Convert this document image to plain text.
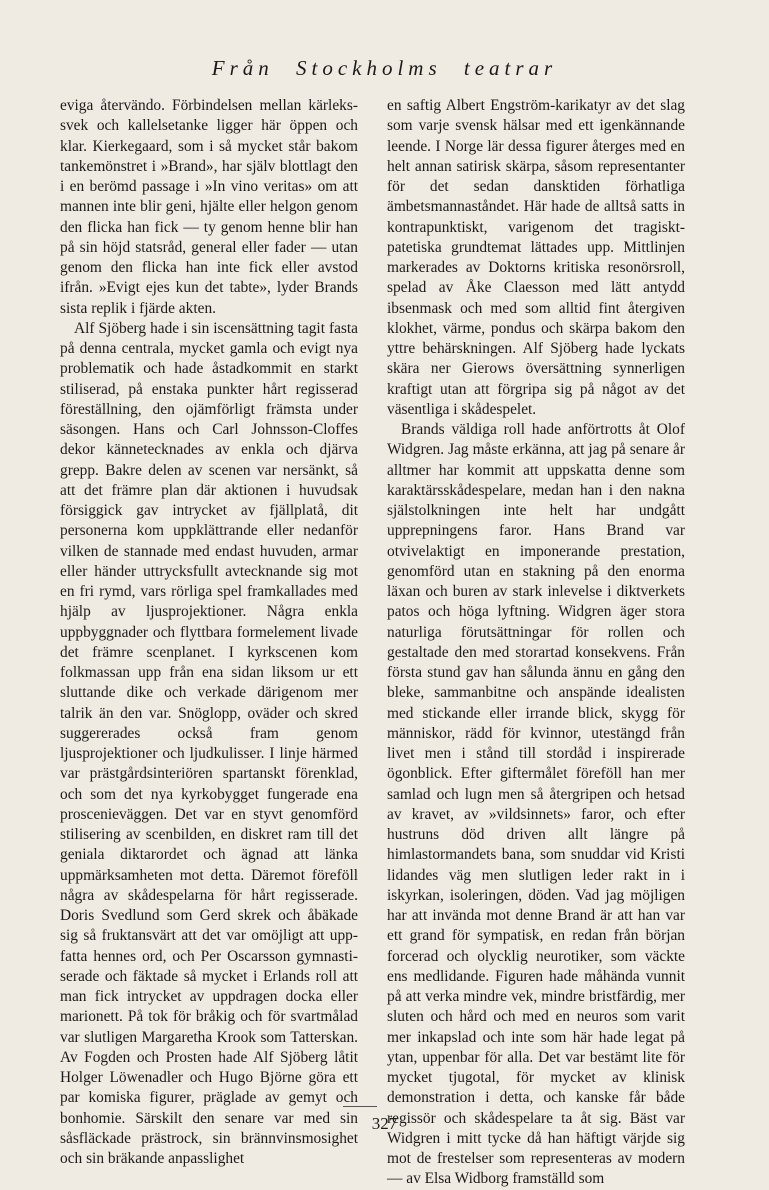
Från Stockholms teatrar

eviga återvändo. Förbindelsen mellan kärlekssvek och kallelsetanke ligger här öppen och klar. Kierkegaard, som i så mycket står bakom tankemönstret i »Brand», har själv blottlagt den i en berömd passage i »In vino veritas» om att mannen inte blir geni, hjälte eller helgon genom den flicka han fick — ty genom henne blir han på sin höjd statsråd, general eller fader — utan genom den flicka han inte fick eller avstod ifrån. »Evigt ejes kun det tabte», lyder Brands sista replik i fjärde akten.

Alf Sjöberg hade i sin iscensättning tagit fasta på denna centrala, mycket gamla och evigt nya problematik och hade åstadkommit en starkt stiliserad, på enstaka punkter hårt regisserad föreställning, den ojämförligt främsta under säsongen. Hans och Carl Johnsson-Cloffes dekor kännetecknades av enkla och djärva grepp. Bakre delen av scenen var nersänkt, så att det främre plan där aktionen i huvudsak försiggick gav intrycket av fjällplatå, dit personerna kom uppklättrande eller nedanför vilken de stannade med endast huvuden, armar eller händer uttrycksfullt avtecknande sig mot en fri rymd, vars rörliga spel framkallades med hjälp av ljusprojektioner. Några enkla uppbyggnader och flyttbara formelement livade det främre scenplanet. I kyrkscenen kom folkmassan upp från ena sidan liksom ur ett sluttande dike och verkade därigenom mer talrik än den var. Snöglopp, oväder och skred suggererades också fram genom ljusprojektioner och ljudkulisser. I linje härmed var prästgårdsinteriören spartanskt förenklad, och som det nya kyrkobygget fungerade ena proscenieväggen. Det var en styvt genomförd stilisering av scenbilden, en diskret ram till det geniala diktarordet och ägnad att länka uppmärksamheten mot detta. Däremot föreföll några av skådespelarna för hårt regisserade. Doris Svedlund som Gerd skrek och åbäkade sig så fruktansvärt att det var omöjligt att uppfatta hennes ord, och Per Oscarsson gymnastiserade och fäktade så mycket i Erlands roll att man fick intrycket av uppdragen docka eller marionett. På tok för bråkig och för svartmålad var slutligen Margaretha Krook som Tatterskan. Av Fogden och Prosten hade Alf Sjöberg låtit Holger Löwenadler och Hugo Björne göra ett par komiska figurer, präglade av gemyt och bonhomie. Särskilt den senare var med sin såsfläckade prästrock, sin brännvinsmosighet och sin bräkande anpasslighet

en saftig Albert Engström-karikatyr av det slag som varje svensk hälsar med ett igenkännande leende. I Norge lär dessa figurer återges med en helt annan satirisk skärpa, såsom representanter för det sedan dansktiden förhatliga ämbetsmannaståndet. Här hade de alltså satts in kontrapunktiskt, varigenom det tragiskt-patetiska grundtemat lättades upp. Mittlinjen markerades av Doktorns kritiska resonörsroll, spelad av Åke Claesson med lätt antydd ibsenmask och med som alltid fint återgiven klokhet, värme, pondus och skärpa bakom den yttre behärskningen. Alf Sjöberg hade lyckats skära ner Gierows översättning synnerligen kraftigt utan att förgripa sig på något av det väsentliga i skådespelet.

Brands väldiga roll hade anförtrotts åt Olof Widgren. Jag måste erkänna, att jag på senare år alltmer har kommit att uppskatta denne som karaktärsskådespelare, medan han i den nakna själstolkningen inte helt har undgått upprepningens faror. Hans Brand var otvivelaktigt en imponerande prestation, genomförd utan en stakning på den enorma läxan och buren av stark inlevelse i diktverkets patos och höga lyftning. Widgren äger stora naturliga förutsättningar för rollen och gestaltade den med storartad konsekvens. Från första stund gav han sålunda ännu en gång den bleke, sammanbitne och anspände idealisten med stickande eller irrande blick, skygg för människor, rädd för kvinnor, utestängd från livet men i stånd till stordåd i inspirerade ögonblick. Efter giftermålet föreföll han mer samlad och lugn men så återgripen och hetsad av kravet, av »vildsinnets» faror, och efter hustruns död driven allt längre på himlastormandets bana, som snuddar vid Kristi lidandes väg men slutligen leder rakt in i iskyrkan, isoleringen, döden. Vad jag möjligen har att invända mot denne Brand är att han var ett grand för sympatisk, en redan från början forcerad och olycklig neurotiker, som väckte ens medlidande. Figuren hade måhända vunnit på att verka mindre vek, mindre bristfärdig, mer sluten och hård och med en neuros som varit mer inkapslad och inte som här hade legat på ytan, uppenbar för alla. Det var bestämt lite för mycket tjugotal, för mycket av klinisk demonstration i detta, och kanske får både regissör och skådespelare ta åt sig. Bäst var Widgren i mitt tycke då han häftigt värjde sig mot de frestelser som representeras av modern — av Elsa Widborg framställd som

327
